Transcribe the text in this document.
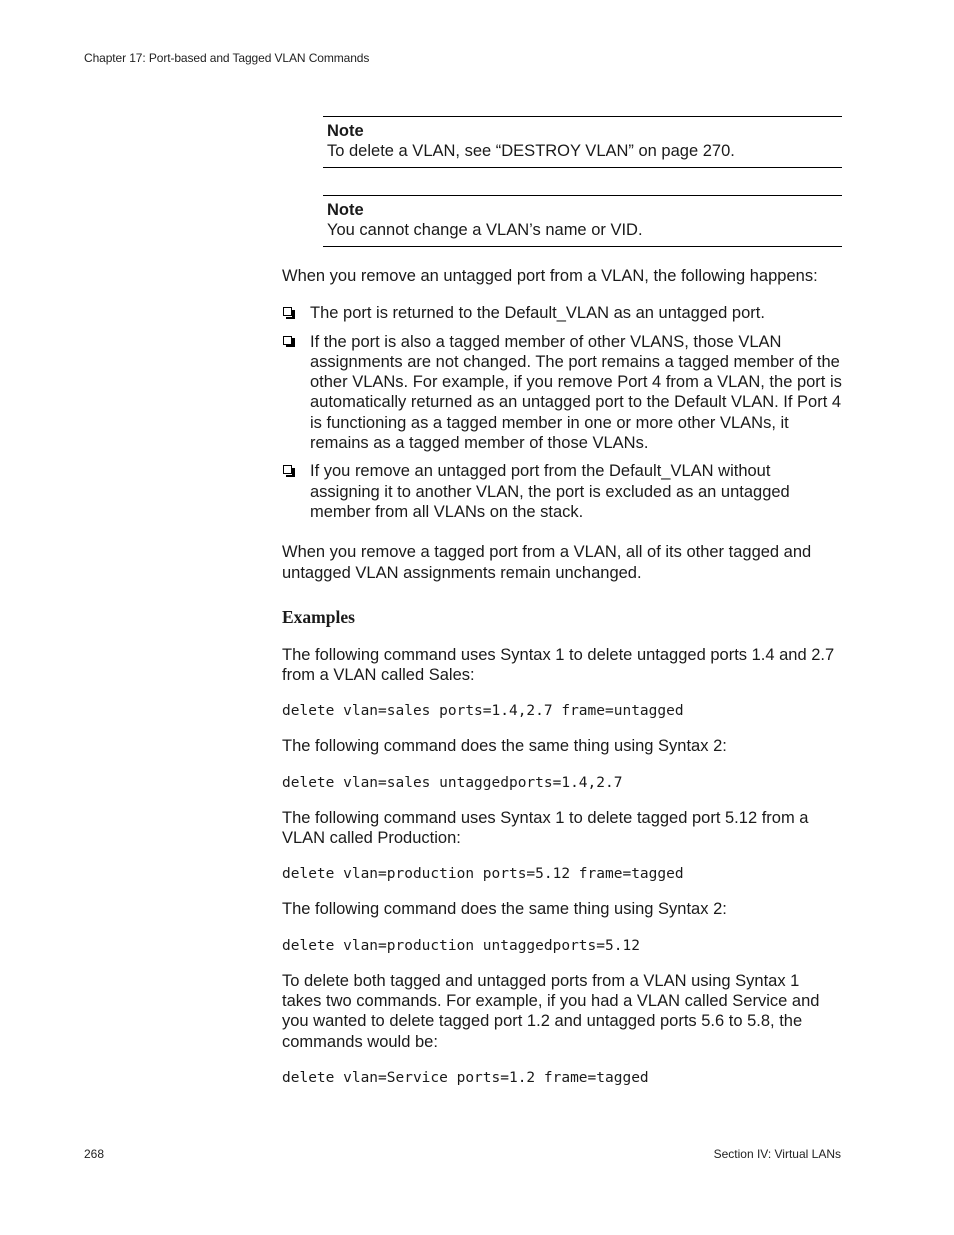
Chapter 17: Port-based and Tagged VLAN Commands
Note
To delete a VLAN, see “DESTROY VLAN” on page 270.
Note
You cannot change a VLAN’s name or VID.

When you remove an untagged port from a VLAN, the following happens:

The port is returned to the Default_VLAN as an untagged port.
If the port is also a tagged member of other VLANS, those VLAN assignments are not changed. The port remains a tagged member of the other VLANs. For example, if you remove Port 4 from a VLAN, the port is automatically returned as an untagged port to the Default VLAN. If Port 4 is functioning as a tagged member in one or more other VLANs, it remains as a tagged member of those VLANs.
If you remove an untagged port from the Default_VLAN without assigning it to another VLAN, the port is excluded as an untagged member from all VLANs on the stack.

When you remove a tagged port from a VLAN, all of its other tagged and untagged VLAN assignments remain unchanged.

Examples

The following command uses Syntax 1 to delete untagged ports 1.4 and 2.7 from a VLAN called Sales:

delete vlan=sales ports=1.4,2.7 frame=untagged

The following command does the same thing using Syntax 2:

delete vlan=sales untaggedports=1.4,2.7

The following command uses Syntax 1 to delete tagged port 5.12 from a VLAN called Production:

delete vlan=production ports=5.12 frame=tagged

The following command does the same thing using Syntax 2:

delete vlan=production untaggedports=5.12

To delete both tagged and untagged ports from a VLAN using Syntax 1 takes two commands. For example, if you had a VLAN called Service and you wanted to delete tagged port 1.2 and untagged ports 5.6 to 5.8, the commands would be:

delete vlan=Service ports=1.2 frame=tagged
268	Section IV: Virtual LANs
